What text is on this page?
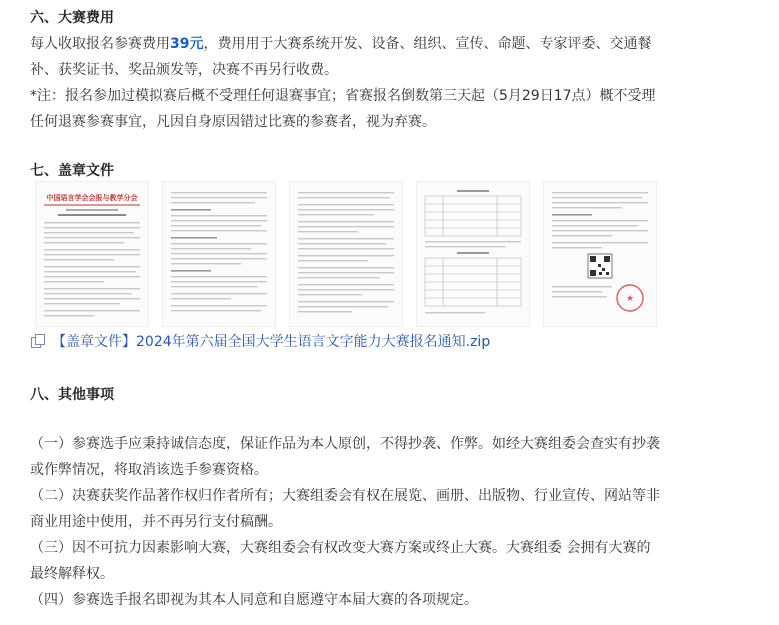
六、大赛费用
每人收取报名参赛费用39元，费用用于大赛系统开发、设备、组织、宣传、命题、专家评委、交通餐
补、获奖证书、奖品颁发等，决赛不再另行收费。
*注：报名参加过模拟赛后概不受理任何退赛事宜；省赛报名倒数第三天起（5月29日17点）概不受理
任何退赛参赛事宜，凡因自身原因错过比赛的参赛者，视为弃赛。
七、盖章文件
中国语言学会会报与教学分会
★
【盖章文件】2024年第六届全国大学生语言文字能力大赛报名通知.zip
八、其他事项
（一）参赛选手应秉持诚信态度，保证作品为本人原创，不得抄袭、作弊。如经大赛组委会查实有抄袭
或作弊情况，将取消该选手参赛资格。
（二）决赛获奖作品著作权归作者所有；大赛组委会有权在展览、画册、出版物、行业宣传、网站等非
商业用途中使用，并不再另行支付稿酬。
（三）因不可抗力因素影响大赛，大赛组委会有权改变大赛方案或终止大赛。大赛组委 会拥有大赛的
最终解释权。
（四）参赛选手报名即视为其本人同意和自愿遵守本届大赛的各项规定。
